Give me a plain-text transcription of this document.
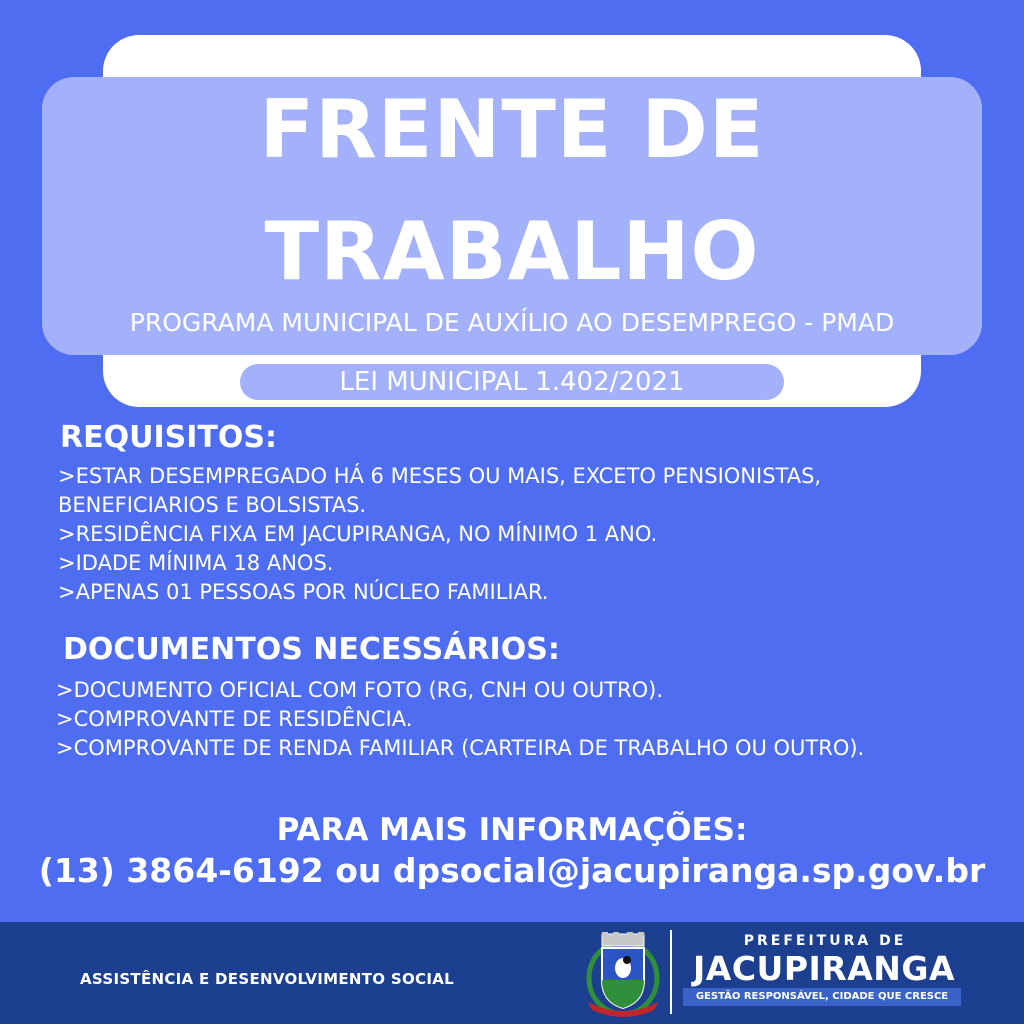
FRENTE DE
TRABALHO
PROGRAMA MUNICIPAL DE AUXÍLIO AO DESEMPREGO - PMAD
LEI MUNICIPAL 1.402/2021
REQUISITOS:
>ESTAR DESEMPREGADO HÁ 6 MESES OU MAIS, EXCETO PENSIONISTAS,
BENEFICIARIOS E BOLSISTAS.
>RESIDÊNCIA FIXA EM JACUPIRANGA, NO MÍNIMO 1 ANO.
>IDADE MÍNIMA 18 ANOS.
>APENAS 01 PESSOAS POR NÚCLEO FAMILIAR.
DOCUMENTOS NECESSÁRIOS:
>DOCUMENTO OFICIAL COM FOTO (RG, CNH OU OUTRO).
>COMPROVANTE DE RESIDÊNCIA.
>COMPROVANTE DE RENDA FAMILIAR (CARTEIRA DE TRABALHO OU OUTRO).
PARA MAIS INFORMAÇÕES:
(13) 3864-6192 ou dpsocial@jacupiranga.sp.gov.br
ASSISTÊNCIA E DESENVOLVIMENTO SOCIAL
PREFEITURA DE
JACUPIRANGA
GESTÃO RESPONSÁVEL, CIDADE QUE CRESCE
